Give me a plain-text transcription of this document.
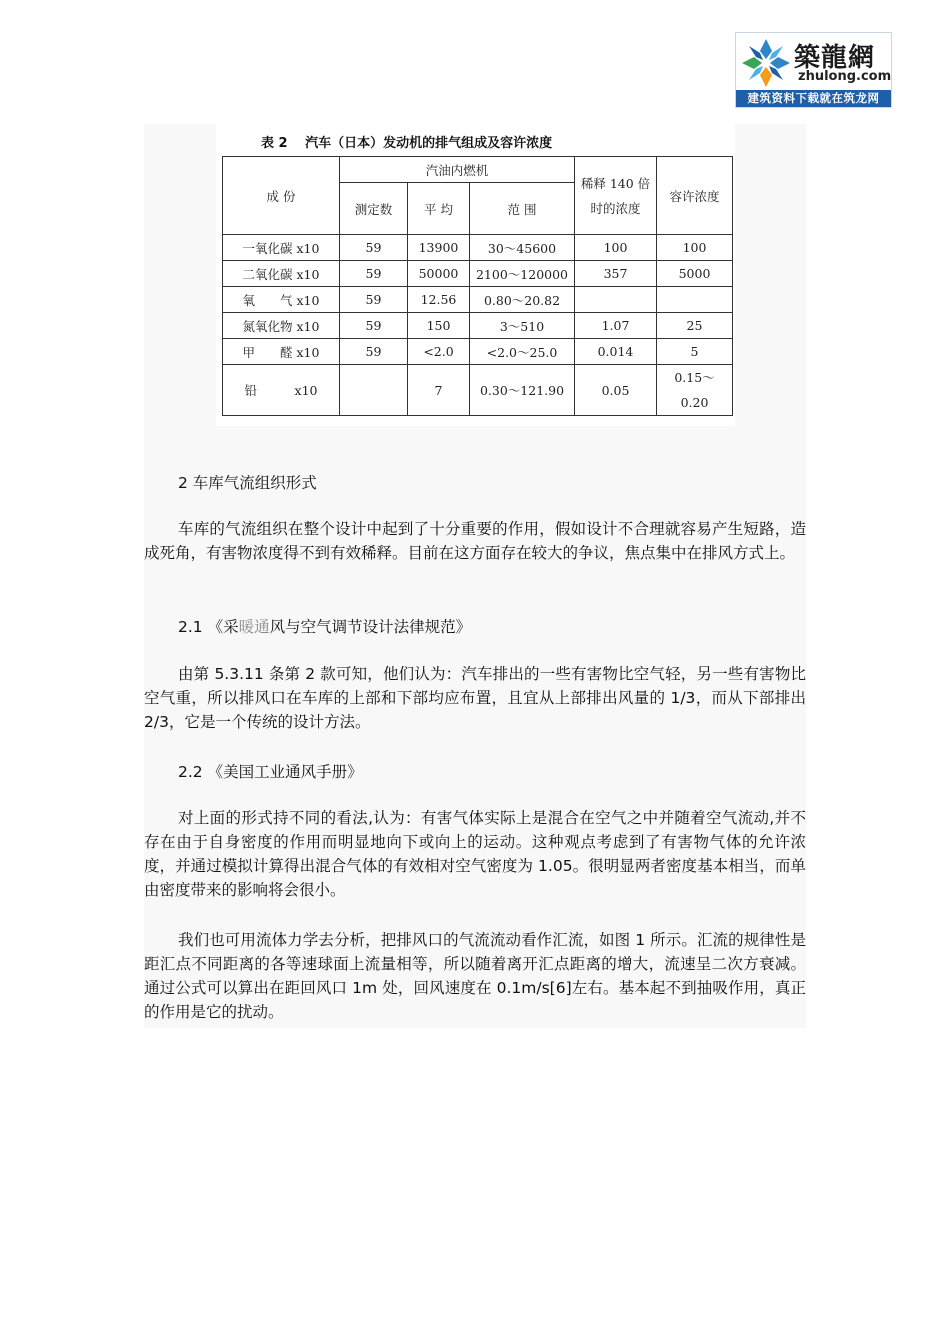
築龍網
zhulong.com
建筑资料下载就在筑龙网
表 2　 汽车（日本）发动机的排气组成及容许浓度
成 份	汽油内燃机			稀释 140 倍时的浓度	容许浓度
	测定数	平 均	范 围		
一氧化碳 x10	59	13900	30～45600	100	100
二氧化碳 x10	59	50000	2100～120000	357	5000
氧　　气 x10	59	12.56	0.80～20.82		
氮氧化物 x10	59	150	3～510	1.07	25
甲　　醛 x10	59	<2.0	<2.0～25.0	0.014	5
铅　　　x10		7	0.30～121.90	0.05	0.15～0.20

2 车库气流组织形式

车库的气流组织在整个设计中起到了十分重要的作用，假如设计不合理就容易产生短路，造成死角，有害物浓度得不到有效稀释。目前在这方面存在较大的争议，焦点集中在排风方式上。

2.1 《采暖通风与空气调节设计法律规范》

由第 5.3.11 条第 2 款可知，他们认为：汽车排出的一些有害物比空气轻，另一些有害物比空气重，所以排风口在车库的上部和下部均应布置，且宜从上部排出风量的 1/3，而从下部排出 2/3，它是一个传统的设计方法。

2.2 《美国工业通风手册》

对上面的形式持不同的看法,认为：有害气体实际上是混合在空气之中并随着空气流动,并不存在由于自身密度的作用而明显地向下或向上的运动。这种观点考虑到了有害物气体的允许浓度，并通过模拟计算得出混合气体的有效相对空气密度为 1.05。很明显两者密度基本相当，而单由密度带来的影响将会很小。

我们也可用流体力学去分析，把排风口的气流流动看作汇流，如图 1 所示。汇流的规律性是距汇点不同距离的各等速球面上流量相等，所以随着离开汇点距离的增大，流速呈二次方衰减。通过公式可以算出在距回风口 1m 处，回风速度在 0.1m/s[6]左右。基本起不到抽吸作用，真正的作用是它的扰动。
